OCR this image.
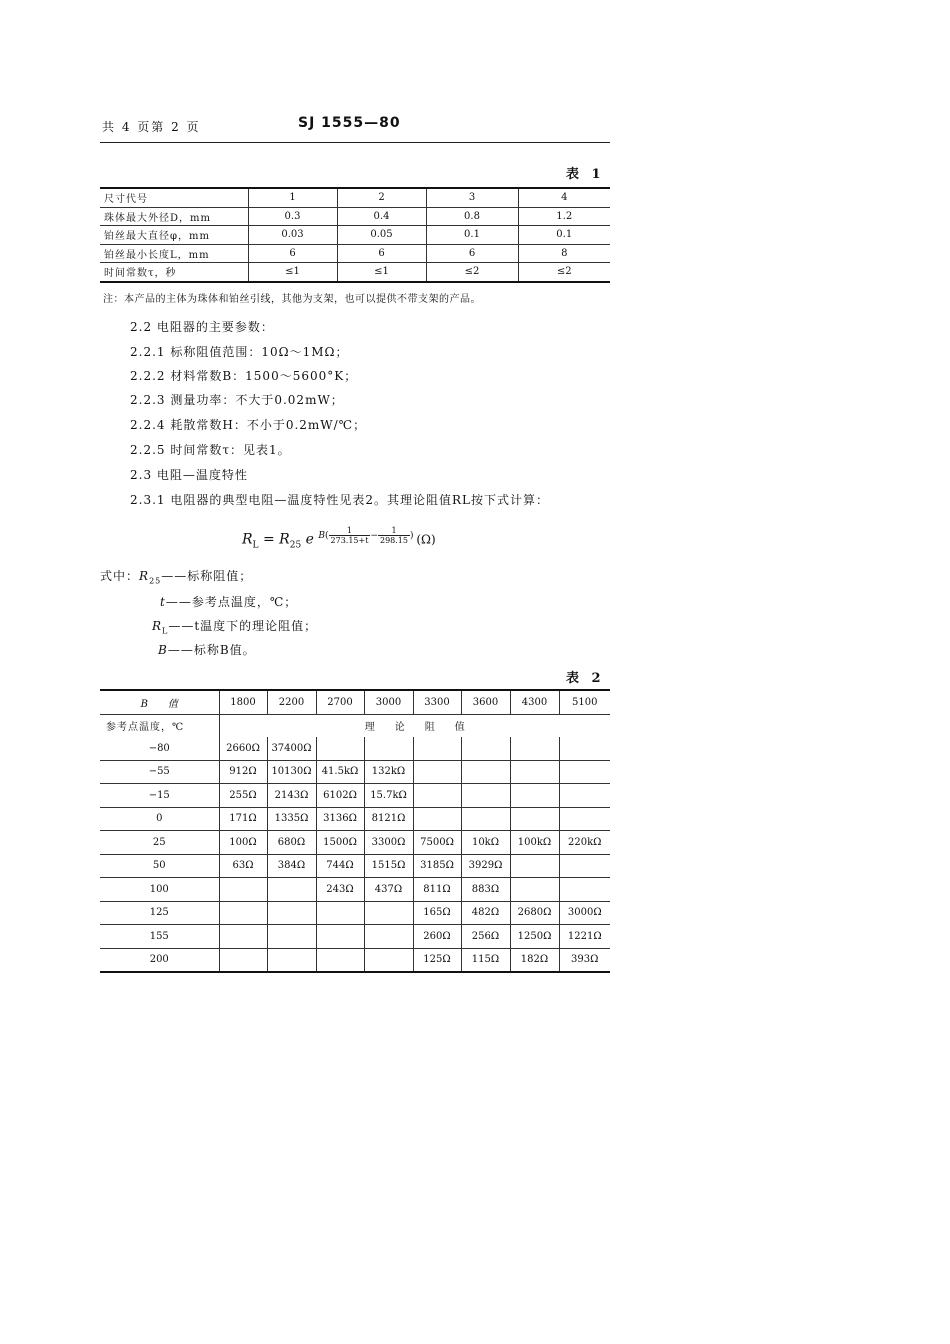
共 4 页第 2 页	SJ 1555—80
表 1
尺寸代号	1	2	3	4
珠体最大外径D，mm	0.3	0.4	0.8	1.2
铂丝最大直径φ，mm	0.03	0.05	0.1	0.1
铂丝最小长度L，mm	6	6	6	8
时间常数τ，秒	≤1	≤1	≤2	≤2
注：本产品的主体为珠体和铂丝引线，其他为支架，也可以提供不带支架的产品。
2.2 电阻器的主要参数：
2.2.1 标称阻值范围：10Ω～1MΩ；
2.2.2 材料常数B：1500～5600°K；
2.2.3 测量功率：不大于0.02mW；
2.2.4 耗散常数H：不小于0.2mW/℃；
2.2.5 时间常数τ：见表1。
2.3 电阻—温度特性
2.3.1 电阻器的典型电阻—温度特性见表2。其理论阻值RL按下式计算：
$R_L = R_{25}$ e $^{B( \frac{1}{273.15+t} - \frac{1}{298.15} )}$ (Ω)
式中：$R_{25}——$标称阻值；
t——参考点温度，℃；
$R_L——t$温度下的理论阻值；
B——标称B值。
表 2
B　　值	1800	2200	2700	3000	3300	3600	4300	5100
参考点温度，℃	理　　论　　阻　　值							
−80	2660Ω	37400Ω						
−55	912Ω	10130Ω	41.5kΩ	132kΩ				
−15	255Ω	2143Ω	6102Ω	15.7kΩ				
0	171Ω	1335Ω	3136Ω	8121Ω				
25	100Ω	680Ω	1500Ω	3300Ω	7500Ω	10kΩ	100kΩ	220kΩ
50	63Ω	384Ω	744Ω	1515Ω	3185Ω	3929Ω		
100			243Ω	437Ω	811Ω	883Ω		
125					165Ω	482Ω	2680Ω	3000Ω
155					260Ω	256Ω	1250Ω	1221Ω
200					125Ω	115Ω	182Ω	393Ω
